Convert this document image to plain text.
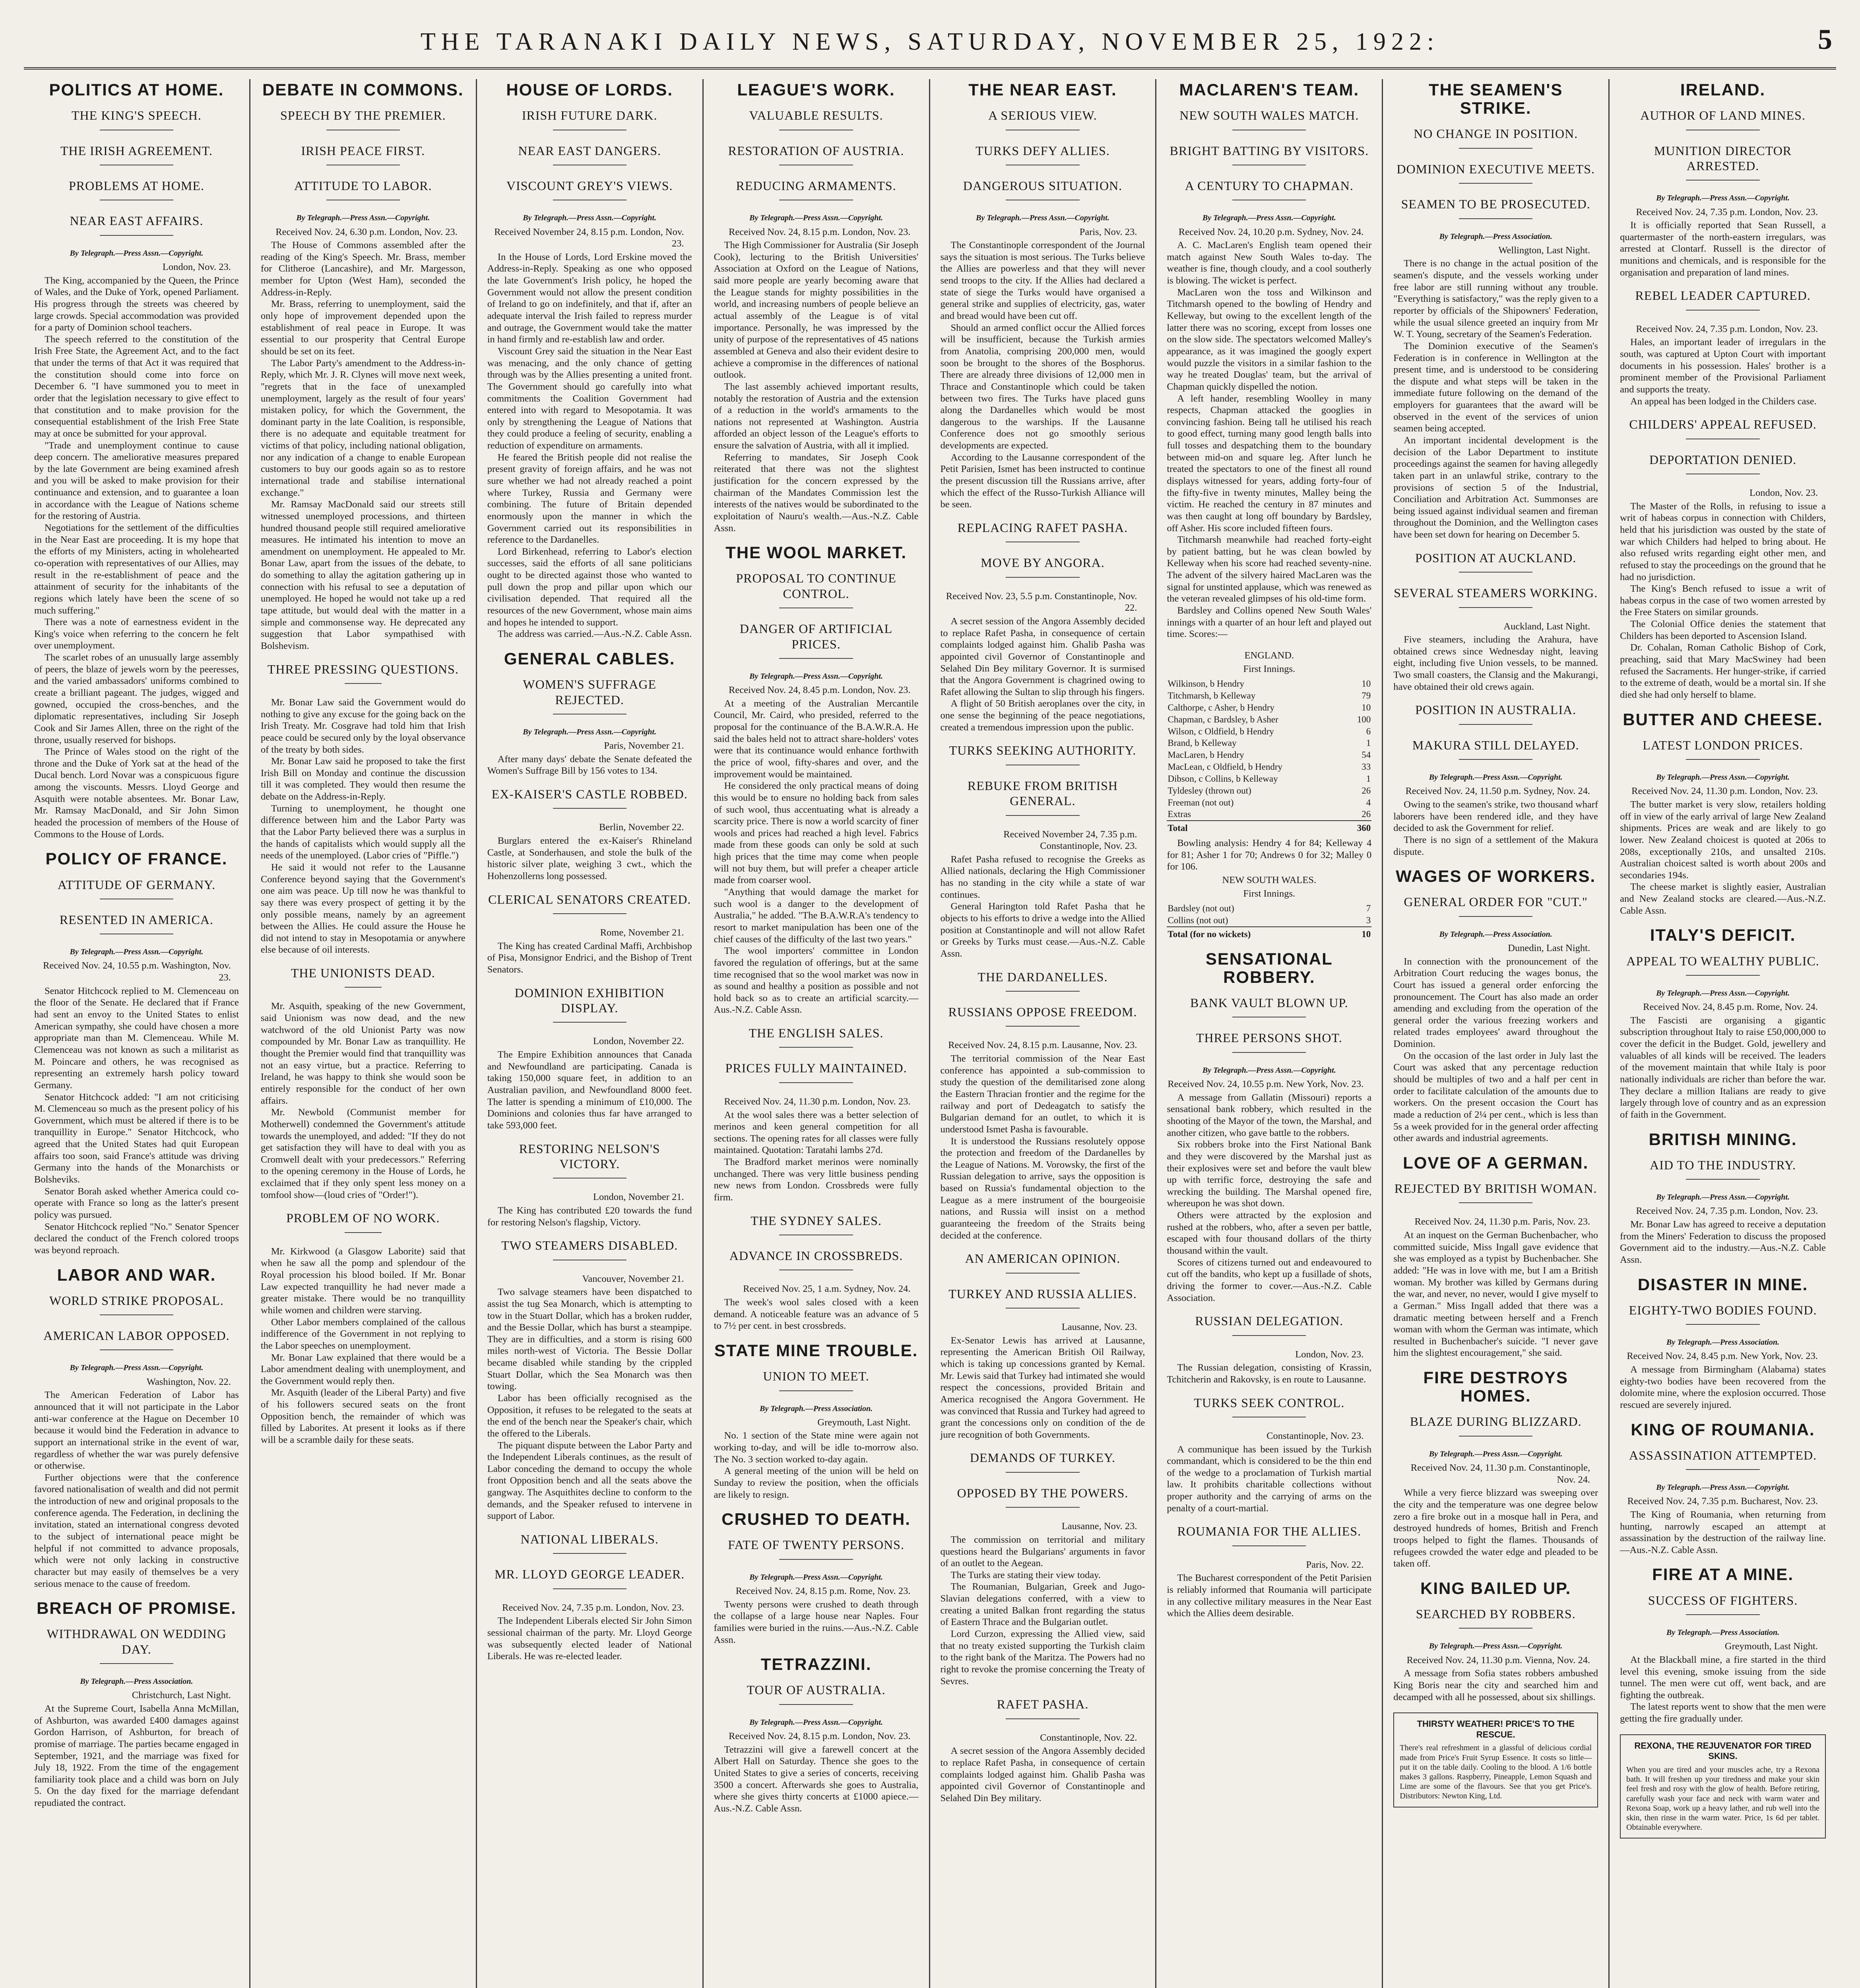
THE TARANAKI DAILY NEWS, SATURDAY, NOVEMBER 25, 1922:	5
POLITICS AT HOME.
THE KING'S SPEECH.
THE IRISH AGREEMENT.
PROBLEMS AT HOME.
NEAR EAST AFFAIRS.
By Telegraph.—Press Assn.—Copyright.
London, Nov. 23.

The King, accompanied by the Queen, the Prince of Wales, and the Duke of York, opened Parliament. His progress through the streets was cheered by large crowds. Special accommodation was provided for a party of Dominion school teachers.

The speech referred to the constitution of the Irish Free State, the Agreement Act, and to the fact that under the terms of that Act it was required that the constitution should come into force on December 6. "I have summoned you to meet in order that the legislation necessary to give effect to that constitution and to make provision for the consequential establishment of the Irish Free State may at once be submitted for your approval.

"Trade and unemployment continue to cause deep concern. The ameliorative measures prepared by the late Government are being examined afresh and you will be asked to make provision for their continuance and extension, and to guarantee a loan in accordance with the League of Nations scheme for the restoring of Austria.

Negotiations for the settlement of the difficulties in the Near East are proceeding. It is my hope that the efforts of my Ministers, acting in wholehearted co-operation with representatives of our Allies, may result in the re-establishment of peace and the attainment of security for the inhabitants of the regions which lately have been the scene of so much suffering."

There was a note of earnestness evident in the King's voice when referring to the concern he felt over unemployment.

The scarlet robes of an unusually large assembly of peers, the blaze of jewels worn by the peeresses, and the varied ambassadors' uniforms combined to create a brilliant pageant. The judges, wigged and gowned, occupied the cross-benches, and the diplomatic representatives, including Sir Joseph Cook and Sir James Allen, three on the right of the throne, usually reserved for bishops.

The Prince of Wales stood on the right of the throne and the Duke of York sat at the head of the Ducal bench. Lord Novar was a conspicuous figure among the viscounts. Messrs. Lloyd George and Asquith were notable absentees. Mr. Bonar Law, Mr. Ramsay MacDonald, and Sir John Simon headed the procession of members of the House of Commons to the House of Lords.

POLICY OF FRANCE.
ATTITUDE OF GERMANY.
RESENTED IN AMERICA.
By Telegraph.—Press Assn.—Copyright.
Received Nov. 24, 10.55 p.m. Washington, Nov. 23.

Senator Hitchcock replied to M. Clemenceau on the floor of the Senate. He declared that if France had sent an envoy to the United States to enlist American sympathy, she could have chosen a more appropriate man than M. Clemenceau. While M. Clemenceau was not known as such a militarist as M. Poincare and others, he was recognised as representing an extremely harsh policy toward Germany.

Senator Hitchcock added: "I am not criticising M. Clemenceau so much as the present policy of his Government, which must be altered if there is to be tranquillity in Europe." Senator Hitchcock, who agreed that the United States had quit European affairs too soon, said France's attitude was driving Germany into the hands of the Monarchists or Bolsheviks.

Senator Borah asked whether America could co-operate with France so long as the latter's present policy was pursued.

Senator Hitchcock replied "No." Senator Spencer declared the conduct of the French colored troops was beyond reproach.

LABOR AND WAR.
WORLD STRIKE PROPOSAL.
AMERICAN LABOR OPPOSED.
By Telegraph.—Press Assn.—Copyright.
Washington, Nov. 22.

The American Federation of Labor has announced that it will not participate in the Labor anti-war conference at the Hague on December 10 because it would bind the Federation in advance to support an international strike in the event of war, regardless of whether the war was purely defensive or otherwise.

Further objections were that the conference favored nationalisation of wealth and did not permit the introduction of new and original proposals to the conference agenda. The Federation, in declining the invitation, stated an international congress devoted to the subject of international peace might be helpful if not committed to advance proposals, which were not only lacking in constructive character but may easily of themselves be a very serious menace to the cause of freedom.

BREACH OF PROMISE.
WITHDRAWAL ON WEDDING DAY.
By Telegraph.—Press Association.
Christchurch, Last Night.

At the Supreme Court, Isabella Anna McMillan, of Ashburton, was awarded £400 damages against Gordon Harrison, of Ashburton, for breach of promise of marriage. The parties became engaged in September, 1921, and the marriage was fixed for July 18, 1922. From the time of the engagement familiarity took place and a child was born on July 5. On the day fixed for the marriage defendant repudiated the contract.

DEBATE IN COMMONS.
SPEECH BY THE PREMIER.
IRISH PEACE FIRST.
ATTITUDE TO LABOR.
By Telegraph.—Press Assn.—Copyright.
Received Nov. 24, 6.30 p.m. London, Nov. 23.

The House of Commons assembled after the reading of the King's Speech. Mr. Brass, member for Clitheroe (Lancashire), and Mr. Margesson, member for Upton (West Ham), seconded the Address-in-Reply.

Mr. Brass, referring to unemployment, said the only hope of improvement depended upon the establishment of real peace in Europe. It was essential to our prosperity that Central Europe should be set on its feet.

The Labor Party's amendment to the Address-in-Reply, which Mr. J. R. Clynes will move next week, "regrets that in the face of unexampled unemployment, largely as the result of four years' mistaken policy, for which the Government, the dominant party in the late Coalition, is responsible, there is no adequate and equitable treatment for victims of that policy, including national obligation, nor any indication of a change to enable European customers to buy our goods again so as to restore international trade and stabilise international exchange."

Mr. Ramsay MacDonald said our streets still witnessed unemployed processions, and thirteen hundred thousand people still required ameliorative measures. He intimated his intention to move an amendment on unemployment. He appealed to Mr. Bonar Law, apart from the issues of the debate, to do something to allay the agitation gathering up in connection with his refusal to see a deputation of unemployed. He hoped he would not take up a red tape attitude, but would deal with the matter in a simple and commonsense way. He deprecated any suggestion that Labor sympathised with Bolshevism.

THREE PRESSING QUESTIONS.

Mr. Bonar Law said the Government would do nothing to give any excuse for the going back on the Irish Treaty. Mr. Cosgrave had told him that Irish peace could be secured only by the loyal observance of the treaty by both sides.

Mr. Bonar Law said he proposed to take the first Irish Bill on Monday and continue the discussion till it was completed. They would then resume the debate on the Address-in-Reply.

Turning to unemployment, he thought one difference between him and the Labor Party was that the Labor Party believed there was a surplus in the hands of capitalists which would supply all the needs of the unemployed. (Labor cries of "Piffle.")

He said it would not refer to the Lausanne Conference beyond saying that the Government's one aim was peace. Up till now he was thankful to say there was every prospect of getting it by the only possible means, namely by an agreement between the Allies. He could assure the House he did not intend to stay in Mesopotamia or anywhere else because of oil interests.

THE UNIONISTS DEAD.

Mr. Asquith, speaking of the new Government, said Unionism was now dead, and the new watchword of the old Unionist Party was now compounded by Mr. Bonar Law as tranquillity. He thought the Premier would find that tranquillity was not an easy virtue, but a practice. Referring to Ireland, he was happy to think she would soon be entirely responsible for the conduct of her own affairs.

Mr. Newbold (Communist member for Motherwell) condemned the Government's attitude towards the unemployed, and added: "If they do not get satisfaction they will have to deal with you as Cromwell dealt with your predecessors." Referring to the opening ceremony in the House of Lords, he exclaimed that if they only spent less money on a tomfool show—(loud cries of "Order!").

PROBLEM OF NO WORK.

Mr. Kirkwood (a Glasgow Laborite) said that when he saw all the pomp and splendour of the Royal procession his blood boiled. If Mr. Bonar Law expected tranquillity he had never made a greater mistake. There would be no tranquillity while women and children were starving.

Other Labor members complained of the callous indifference of the Government in not replying to the Labor speeches on unemployment.

Mr. Bonar Law explained that there would be a Labor amendment dealing with unemployment, and the Government would reply then.

Mr. Asquith (leader of the Liberal Party) and five of his followers secured seats on the front Opposition bench, the remainder of which was filled by Laborites. At present it looks as if there will be a scramble daily for these seats.

HOUSE OF LORDS.
IRISH FUTURE DARK.
NEAR EAST DANGERS.
VISCOUNT GREY'S VIEWS.
By Telegraph.—Press Assn.—Copyright.
Received November 24, 8.15 p.m. London, Nov. 23.

In the House of Lords, Lord Erskine moved the Address-in-Reply. Speaking as one who opposed the late Government's Irish policy, he hoped the Government would not allow the present condition of Ireland to go on indefinitely, and that if, after an adequate interval the Irish failed to repress murder and outrage, the Government would take the matter in hand firmly and re-establish law and order.

Viscount Grey said the situation in the Near East was menacing, and the only chance of getting through was by the Allies presenting a united front. The Government should go carefully into what commitments the Coalition Government had entered into with regard to Mesopotamia. It was only by strengthening the League of Nations that they could produce a feeling of security, enabling a reduction of expenditure on armaments.

He feared the British people did not realise the present gravity of foreign affairs, and he was not sure whether we had not already reached a point where Turkey, Russia and Germany were combining. The future of Britain depended enormously upon the manner in which the Government carried out its responsibilities in reference to the Dardanelles.

Lord Birkenhead, referring to Labor's election successes, said the efforts of all sane politicians ought to be directed against those who wanted to pull down the prop and pillar upon which our civilisation depended. That required all the resources of the new Government, whose main aims and hopes he intended to support.

The address was carried.—Aus.-N.Z. Cable Assn.

GENERAL CABLES.
WOMEN'S SUFFRAGE REJECTED.
By Telegraph.—Press Assn.—Copyright.
Paris, November 21.

After many days' debate the Senate defeated the Women's Suffrage Bill by 156 votes to 134.

EX-KAISER'S CASTLE ROBBED.
Berlin, November 22.

Burglars entered the ex-Kaiser's Rhineland Castle, at Sonderhausen, and stole the bulk of the historic silver plate, weighing 3 cwt., which the Hohenzollerns long possessed.

CLERICAL SENATORS CREATED.
Rome, November 21.

The King has created Cardinal Maffi, Archbishop of Pisa, Monsignor Endrici, and the Bishop of Trent Senators.

DOMINION EXHIBITION DISPLAY.
London, November 22.

The Empire Exhibition announces that Canada and Newfoundland are participating. Canada is taking 150,000 square feet, in addition to an Australian pavilion, and Newfoundland 8000 feet. The latter is spending a minimum of £10,000. The Dominions and colonies thus far have arranged to take 593,000 feet.

RESTORING NELSON'S VICTORY.
London, November 21.

The King has contributed £20 towards the fund for restoring Nelson's flagship, Victory.

TWO STEAMERS DISABLED.
Vancouver, November 21.

Two salvage steamers have been dispatched to assist the tug Sea Monarch, which is attempting to tow in the Stuart Dollar, which has a broken rudder, and the Bessie Dollar, which has burst a steampipe. They are in difficulties, and a storm is rising 600 miles north-west of Victoria. The Bessie Dollar became disabled while standing by the crippled Stuart Dollar, which the Sea Monarch was then towing.

Labor has been officially recognised as the Opposition, it refuses to be relegated to the seats at the end of the bench near the Speaker's chair, which the offered to the Liberals.

The piquant dispute between the Labor Party and the Independent Liberals continues, as the result of Labor conceding the demand to occupy the whole front Opposition bench and all the seats above the gangway. The Asquithites decline to conform to the demands, and the Speaker refused to intervene in support of Labor.

NATIONAL LIBERALS.
MR. LLOYD GEORGE LEADER.
Received Nov. 24, 7.35 p.m. London, Nov. 23.

The Independent Liberals elected Sir John Simon sessional chairman of the party. Mr. Lloyd George was subsequently elected leader of National Liberals. He was re-elected leader.

LEAGUE'S WORK.
VALUABLE RESULTS.
RESTORATION OF AUSTRIA.
REDUCING ARMAMENTS.
By Telegraph.—Press Assn.—Copyright.
Received Nov. 24, 8.15 p.m. London, Nov. 23.

The High Commissioner for Australia (Sir Joseph Cook), lecturing to the British Universities' Association at Oxford on the League of Nations, said more people are yearly becoming aware that the League stands for mighty possibilities in the world, and increasing numbers of people believe an actual assembly of the League is of vital importance. Personally, he was impressed by the unity of purpose of the representatives of 45 nations assembled at Geneva and also their evident desire to achieve a compromise in the differences of national outlook.

The last assembly achieved important results, notably the restoration of Austria and the extension of a reduction in the world's armaments to the nations not represented at Washington. Austria afforded an object lesson of the League's efforts to ensure the salvation of Austria, with all it implied.

Referring to mandates, Sir Joseph Cook reiterated that there was not the slightest justification for the concern expressed by the chairman of the Mandates Commission lest the interests of the natives would be subordinated to the exploitation of Nauru's wealth.—Aus.-N.Z. Cable Assn.

THE WOOL MARKET.
PROPOSAL TO CONTINUE CONTROL.
DANGER OF ARTIFICIAL PRICES.
By Telegraph.—Press Assn.—Copyright.
Received Nov. 24, 8.45 p.m. London, Nov. 23.

At a meeting of the Australian Mercantile Council, Mr. Caird, who presided, referred to the proposal for the continuance of the B.A.W.R.A. He said the bales held not to attract share-holders' votes were that its continuance would enhance forthwith the price of wool, fifty-shares and over, and the improvement would be maintained.

He considered the only practical means of doing this would be to ensure no holding back from sales of such wool, thus accentuating what is already a scarcity price. There is now a world scarcity of finer wools and prices had reached a high level. Fabrics made from these goods can only be sold at such high prices that the time may come when people will not buy them, but will prefer a cheaper article made from coarser wool.

"Anything that would damage the market for such wool is a danger to the development of Australia," he added. "The B.A.W.R.A's tendency to resort to market manipulation has been one of the chief causes of the difficulty of the last two years."

The wool importers' committee in London favored the regulation of offerings, but at the same time recognised that so the wool market was now in as sound and healthy a position as possible and not hold back so as to create an artificial scarcity.—Aus.-N.Z. Cable Assn.

THE ENGLISH SALES.
PRICES FULLY MAINTAINED.
Received Nov. 24, 11.30 p.m. London, Nov. 23.

At the wool sales there was a better selection of merinos and keen general competition for all sections. The opening rates for all classes were fully maintained. Quotation: Taratahi lambs 27d.

The Bradford market merinos were nominally unchanged. There was very little business pending new news from London. Crossbreds were fully firm.

THE SYDNEY SALES.
ADVANCE IN CROSSBREDS.
Received Nov. 25, 1 a.m. Sydney, Nov. 24.

The week's wool sales closed with a keen demand. A noticeable feature was an advance of 5 to 7½ per cent. in best crossbreds.

STATE MINE TROUBLE.
UNION TO MEET.
By Telegraph.—Press Association.
Greymouth, Last Night.

No. 1 section of the State mine were again not working to-day, and will be idle to-morrow also. The No. 3 section worked to-day again.

A general meeting of the union will be held on Sunday to review the position, when the officials are likely to resign.

CRUSHED TO DEATH.
FATE OF TWENTY PERSONS.
By Telegraph.—Press Assn.—Copyright.
Received Nov. 24, 8.15 p.m. Rome, Nov. 23.

Twenty persons were crushed to death through the collapse of a large house near Naples. Four families were buried in the ruins.—Aus.-N.Z. Cable Assn.

TETRAZZINI.
TOUR OF AUSTRALIA.
By Telegraph.—Press Assn.—Copyright.
Received Nov. 24, 8.15 p.m. London, Nov. 23.

Tetrazzini will give a farewell concert at the Albert Hall on Saturday. Thence she goes to the United States to give a series of concerts, receiving 3500 a concert. Afterwards she goes to Australia, where she gives thirty concerts at £1000 apiece.—Aus.-N.Z. Cable Assn.

THE NEAR EAST.
A SERIOUS VIEW.
TURKS DEFY ALLIES.
DANGEROUS SITUATION.
By Telegraph.—Press Assn.—Copyright.
Paris, Nov. 23.

The Constantinople correspondent of the Journal says the situation is most serious. The Turks believe the Allies are powerless and that they will never send troops to the city. If the Allies had declared a state of siege the Turks would have organised a general strike and supplies of electricity, gas, water and bread would have been cut off.

Should an armed conflict occur the Allied forces will be insufficient, because the Turkish armies from Anatolia, comprising 200,000 men, would soon be brought to the shores of the Bosphorus. There are already three divisions of 12,000 men in Thrace and Constantinople which could be taken between two fires. The Turks have placed guns along the Dardanelles which would be most dangerous to the warships. If the Lausanne Conference does not go smoothly serious developments are expected.

According to the Lausanne correspondent of the Petit Parisien, Ismet has been instructed to continue the present discussion till the Russians arrive, after which the effect of the Russo-Turkish Alliance will be seen.

REPLACING RAFET PASHA.
MOVE BY ANGORA.
Received Nov. 23, 5.5 p.m. Constantinople, Nov. 22.

A secret session of the Angora Assembly decided to replace Rafet Pasha, in consequence of certain complaints lodged against him. Ghalib Pasha was appointed civil Governor of Constantinople and Selahed Din Bey military Governor. It is surmised that the Angora Government is chagrined owing to Rafet allowing the Sultan to slip through his fingers.

A flight of 50 British aeroplanes over the city, in one sense the beginning of the peace negotiations, created a tremendous impression upon the public.

TURKS SEEKING AUTHORITY.
REBUKE FROM BRITISH GENERAL.
Received November 24, 7.35 p.m. Constantinople, Nov. 23.

Rafet Pasha refused to recognise the Greeks as Allied nationals, declaring the High Commissioner has no standing in the city while a state of war continues.

General Harington told Rafet Pasha that he objects to his efforts to drive a wedge into the Allied position at Constantinople and will not allow Rafet or Greeks by Turks must cease.—Aus.-N.Z. Cable Assn.

THE DARDANELLES.
RUSSIANS OPPOSE FREEDOM.
Received Nov. 24, 8.15 p.m. Lausanne, Nov. 23.

The territorial commission of the Near East conference has appointed a sub-commission to study the question of the demilitarised zone along the Eastern Thracian frontier and the regime for the railway and port of Dedeagatch to satisfy the Bulgarian demand for an outlet, to which it is understood Ismet Pasha is favourable.

It is understood the Russians resolutely oppose the protection and freedom of the Dardanelles by the League of Nations. M. Vorowsky, the first of the Russian delegation to arrive, says the opposition is based on Russia's fundamental objection to the League as a mere instrument of the bourgeoisie nations, and Russia will insist on a method guaranteeing the freedom of the Straits being decided at the conference.

AN AMERICAN OPINION.
TURKEY AND RUSSIA ALLIES.
Lausanne, Nov. 23.

Ex-Senator Lewis has arrived at Lausanne, representing the American British Oil Railway, which is taking up concessions granted by Kemal. Mr. Lewis said that Turkey had intimated she would respect the concessions, provided Britain and America recognised the Angora Government. He was convinced that Russia and Turkey had agreed to grant the concessions only on condition of the de jure recognition of both Governments.

DEMANDS OF TURKEY.
OPPOSED BY THE POWERS.
Lausanne, Nov. 23.

The commission on territorial and military questions heard the Bulgarians' arguments in favor of an outlet to the Aegean.

The Turks are stating their view today.

The Roumanian, Bulgarian, Greek and Jugo-Slavian delegations conferred, with a view to creating a united Balkan front regarding the status of Eastern Thrace and the Bulgarian outlet.

Lord Curzon, expressing the Allied view, said that no treaty existed supporting the Turkish claim to the right bank of the Maritza. The Powers had no right to revoke the promise concerning the Treaty of Sevres.

RAFET PASHA.
Constantinople, Nov. 22.

A secret session of the Angora Assembly decided to replace Rafet Pasha, in consequence of certain complaints lodged against him. Ghalib Pasha was appointed civil Governor of Constantinople and Selahed Din Bey military.

MACLAREN'S TEAM.
NEW SOUTH WALES MATCH.
BRIGHT BATTING BY VISITORS.
A CENTURY TO CHAPMAN.
By Telegraph.—Press Assn.—Copyright.
Received Nov. 24, 10.20 p.m. Sydney, Nov. 24.

A. C. MacLaren's English team opened their match against New South Wales to-day. The weather is fine, though cloudy, and a cool southerly is blowing. The wicket is perfect.

MacLaren won the toss and Wilkinson and Titchmarsh opened to the bowling of Hendry and Kelleway, but owing to the excellent length of the latter there was no scoring, except from losses one on the slow side. The spectators welcomed Malley's appearance, as it was imagined the googly expert would puzzle the visitors in a similar fashion to the way he treated Douglas' team, but the arrival of Chapman quickly dispelled the notion.

A left hander, resembling Woolley in many respects, Chapman attacked the googlies in convincing fashion. Being tall he utilised his reach to good effect, turning many good length balls into full tosses and despatching them to the boundary between mid-on and square leg. After lunch he treated the spectators to one of the finest all round displays witnessed for years, adding forty-four of the fifty-five in twenty minutes, Malley being the victim. He reached the century in 87 minutes and was then caught at long off boundary by Bardsley, off Asher. His score included fifteen fours.

Titchmarsh meanwhile had reached forty-eight by patient batting, but he was clean bowled by Kelleway when his score had reached seventy-nine. The advent of the silvery haired MacLaren was the signal for unstinted applause, which was renewed as the veteran revealed glimpses of his old-time form.

Bardsley and Collins opened New South Wales' innings with a quarter of an hour left and played out time. Scores:—

ENGLAND.
First Innings.
Wilkinson, b Hendry	10
Titchmarsh, b Kelleway	79
Calthorpe, c Asher, b Hendry	10
Chapman, c Bardsley, b Asher	100
Wilson, c Oldfield, b Hendry	6
Brand, b Kelleway	1
MacLaren, b Hendry	54
MacLean, c Oldfield, b Hendry	33
Dibson, c Collins, b Kelleway	1
Tyldesley (thrown out)	26
Freeman (not out)	4
Extras	26
Total	360

Bowling analysis: Hendry 4 for 84; Kelleway 4 for 81; Asher 1 for 70; Andrews 0 for 32; Malley 0 for 106.

NEW SOUTH WALES.
First Innings.
Bardsley (not out)	7
Collins (not out)	3
Total (for no wickets)	10
SENSATIONAL ROBBERY.
BANK VAULT BLOWN UP.
THREE PERSONS SHOT.
By Telegraph.—Press Assn.—Copyright.
Received Nov. 24, 10.55 p.m. New York, Nov. 23.

A message from Gallatin (Missouri) reports a sensational bank robbery, which resulted in the shooting of the Mayor of the town, the Marshal, and another citizen, who gave battle to the robbers.

Six robbers broke into the First National Bank and they were discovered by the Marshal just as their explosives were set and before the vault blew up with terrific force, destroying the safe and wrecking the building. The Marshal opened fire, whereupon he was shot down.

Others were attracted by the explosion and rushed at the robbers, who, after a seven per battle, escaped with four thousand dollars of the thirty thousand within the vault.

Scores of citizens turned out and endeavoured to cut off the bandits, who kept up a fusillade of shots, driving the former to cover.—Aus.-N.Z. Cable Association.

RUSSIAN DELEGATION.
London, Nov. 23.

The Russian delegation, consisting of Krassin, Tchitcherin and Rakovsky, is en route to Lausanne.

TURKS SEEK CONTROL.
Constantinople, Nov. 23.

A communique has been issued by the Turkish commandant, which is considered to be the thin end of the wedge to a proclamation of Turkish martial law. It prohibits charitable collections without proper authority and the carrying of arms on the penalty of a court-martial.

ROUMANIA FOR THE ALLIES.
Paris, Nov. 22.

The Bucharest correspondent of the Petit Parisien is reliably informed that Roumania will participate in any collective military measures in the Near East which the Allies deem desirable.

THE SEAMEN'S STRIKE.
NO CHANGE IN POSITION.
DOMINION EXECUTIVE MEETS.
SEAMEN TO BE PROSECUTED.
By Telegraph.—Press Association.
Wellington, Last Night.

There is no change in the actual position of the seamen's dispute, and the vessels working under free labor are still running without any trouble. "Everything is satisfactory," was the reply given to a reporter by officials of the Shipowners' Federation, while the usual silence greeted an inquiry from Mr W. T. Young, secretary of the Seamen's Federation.

The Dominion executive of the Seamen's Federation is in conference in Wellington at the present time, and is understood to be considering the dispute and what steps will be taken in the immediate future following on the demand of the employers for guarantees that the award will be observed in the event of the services of union seamen being accepted.

An important incidental development is the decision of the Labor Department to institute proceedings against the seamen for having allegedly taken part in an unlawful strike, contrary to the provisions of section 5 of the Industrial, Conciliation and Arbitration Act. Summonses are being issued against individual seamen and fireman throughout the Dominion, and the Wellington cases have been set down for hearing on December 5.

POSITION AT AUCKLAND.
SEVERAL STEAMERS WORKING.
Auckland, Last Night.

Five steamers, including the Arahura, have obtained crews since Wednesday night, leaving eight, including five Union vessels, to be manned. Two small coasters, the Clansig and the Makurangi, have obtained their old crews again.

POSITION IN AUSTRALIA.
MAKURA STILL DELAYED.
By Telegraph.—Press Assn.—Copyright.
Received Nov. 24, 11.50 p.m. Sydney, Nov. 24.

Owing to the seamen's strike, two thousand wharf laborers have been rendered idle, and they have decided to ask the Government for relief.

There is no sign of a settlement of the Makura dispute.

WAGES OF WORKERS.
GENERAL ORDER FOR "CUT."
By Telegraph.—Press Association.
Dunedin, Last Night.

In connection with the pronouncement of the Arbitration Court reducing the wages bonus, the Court has issued a general order enforcing the pronouncement. The Court has also made an order amending and excluding from the operation of the general order the various freezing workers and related trades employees' award throughout the Dominion.

On the occasion of the last order in July last the Court was asked that any percentage reduction should be multiples of two and a half per cent in order to facilitate calculation of the amounts due to workers. On the present occasion the Court has made a reduction of 2¼ per cent., which is less than 5s a week provided for in the general order affecting other awards and industrial agreements.

LOVE OF A GERMAN.
REJECTED BY BRITISH WOMAN.
Received Nov. 24, 11.30 p.m. Paris, Nov. 23.

At an inquest on the German Buchenbacher, who committed suicide, Miss Ingall gave evidence that she was employed as a typist by Buchenbacher. She added: "He was in love with me, but I am a British woman. My brother was killed by Germans during the war, and never, no never, would I give myself to a German." Miss Ingall added that there was a dramatic meeting between herself and a French woman with whom the German was intimate, which resulted in Buchenbacher's suicide. "I never gave him the slightest encouragement," she said.

FIRE DESTROYS HOMES.
BLAZE DURING BLIZZARD.
By Telegraph.—Press Assn.—Copyright.
Received Nov. 24, 11.30 p.m. Constantinople, Nov. 24.

While a very fierce blizzard was sweeping over the city and the temperature was one degree below zero a fire broke out in a mosque hall in Pera, and destroyed hundreds of homes, British and French troops helped to fight the flames. Thousands of refugees crowded the water edge and pleaded to be taken off.

KING BAILED UP.
SEARCHED BY ROBBERS.
By Telegraph.—Press Assn.—Copyright.
Received Nov. 24, 11.30 p.m. Vienna, Nov. 24.

A message from Sofia states robbers ambushed King Boris near the city and searched him and decamped with all he possessed, about six shillings.

THIRSTY WEATHER! PRICE'S TO THE RESCUE.
There's real refreshment in a glassful of delicious cordial made from Price's Fruit Syrup Essence. It costs so little—put it on the table daily. Cooling to the blood. A 1/6 bottle makes 3 gallons. Raspberry, Pineapple, Lemon Squash and Lime are some of the flavours. See that you get Price's. Distributors: Newton King, Ltd.
IRELAND.
AUTHOR OF LAND MINES.
MUNITION DIRECTOR ARRESTED.
By Telegraph.—Press Assn.—Copyright.
Received Nov. 24, 7.35 p.m. London, Nov. 23.

It is officially reported that Sean Russell, a quartermaster of the north-eastern irregulars, was arrested at Clontarf. Russell is the director of munitions and chemicals, and is responsible for the organisation and preparation of land mines.

REBEL LEADER CAPTURED.
Received Nov. 24, 7.35 p.m. London, Nov. 23.

Hales, an important leader of irregulars in the south, was captured at Upton Court with important documents in his possession. Hales' brother is a prominent member of the Provisional Parliament and supports the treaty.

An appeal has been lodged in the Childers case.

CHILDERS' APPEAL REFUSED.
DEPORTATION DENIED.
London, Nov. 23.

The Master of the Rolls, in refusing to issue a writ of habeas corpus in connection with Childers, held that his jurisdiction was ousted by the state of war which Childers had helped to bring about. He also refused writs regarding eight other men, and refused to stay the proceedings on the ground that he had no jurisdiction.

The King's Bench refused to issue a writ of habeas corpus in the case of two women arrested by the Free Staters on similar grounds.

The Colonial Office denies the statement that Childers has been deported to Ascension Island.

Dr. Cohalan, Roman Catholic Bishop of Cork, preaching, said that Mary MacSwiney had been refused the Sacraments. Her hunger-strike, if carried to the extreme of death, would be a mortal sin. If she died she had only herself to blame.

BUTTER AND CHEESE.
LATEST LONDON PRICES.
By Telegraph.—Press Assn.—Copyright.
Received Nov. 24, 11.30 p.m. London, Nov. 23.

The butter market is very slow, retailers holding off in view of the early arrival of large New Zealand shipments. Prices are weak and are likely to go lower. New Zealand choicest is quoted at 206s to 208s, exceptionally 210s, and unsalted 210s. Australian choicest salted is worth about 200s and secondaries 194s.

The cheese market is slightly easier, Australian and New Zealand stocks are cleared.—Aus.-N.Z. Cable Assn.

ITALY'S DEFICIT.
APPEAL TO WEALTHY PUBLIC.
By Telegraph.—Press Assn.—Copyright.
Received Nov. 24, 8.45 p.m. Rome, Nov. 24.

The Fascisti are organising a gigantic subscription throughout Italy to raise £50,000,000 to cover the deficit in the Budget. Gold, jewellery and valuables of all kinds will be received. The leaders of the movement maintain that while Italy is poor nationally individuals are richer than before the war. They declare a million Italians are ready to give largely through love of country and as an expression of faith in the Government.

BRITISH MINING.
AID TO THE INDUSTRY.
By Telegraph.—Press Assn.—Copyright.
Received Nov. 24, 7.35 p.m. London, Nov. 23.

Mr. Bonar Law has agreed to receive a deputation from the Miners' Federation to discuss the proposed Government aid to the industry.—Aus.-N.Z. Cable Assn.

DISASTER IN MINE.
EIGHTY-TWO BODIES FOUND.
By Telegraph.—Press Association.
Received Nov. 24, 8.45 p.m. New York, Nov. 23.

A message from Birmingham (Alabama) states eighty-two bodies have been recovered from the dolomite mine, where the explosion occurred. Those rescued are severely injured.

KING OF ROUMANIA.
ASSASSINATION ATTEMPTED.
By Telegraph.—Press Assn.—Copyright.
Received Nov. 24, 7.35 p.m. Bucharest, Nov. 23.

The King of Roumania, when returning from hunting, narrowly escaped an attempt at assassination by the destruction of the railway line.—Aus.-N.Z. Cable Assn.

FIRE AT A MINE.
SUCCESS OF FIGHTERS.
By Telegraph.—Press Association.
Greymouth, Last Night.

At the Blackball mine, a fire started in the third level this evening, smoke issuing from the side tunnel. The men were cut off, went back, and are fighting the outbreak.

The latest reports went to show that the men were getting the fire gradually under.

REXONA, THE REJUVENATOR FOR TIRED SKINS.
When you are tired and your muscles ache, try a Rexona bath. It will freshen up your tiredness and make your skin feel fresh and rosy with the glow of health. Before retiring, carefully wash your face and neck with warm water and Rexona Soap, work up a heavy lather, and rub well into the skin, then rinse in the warm water. Price, 1s 6d per tablet. Obtainable everywhere.
